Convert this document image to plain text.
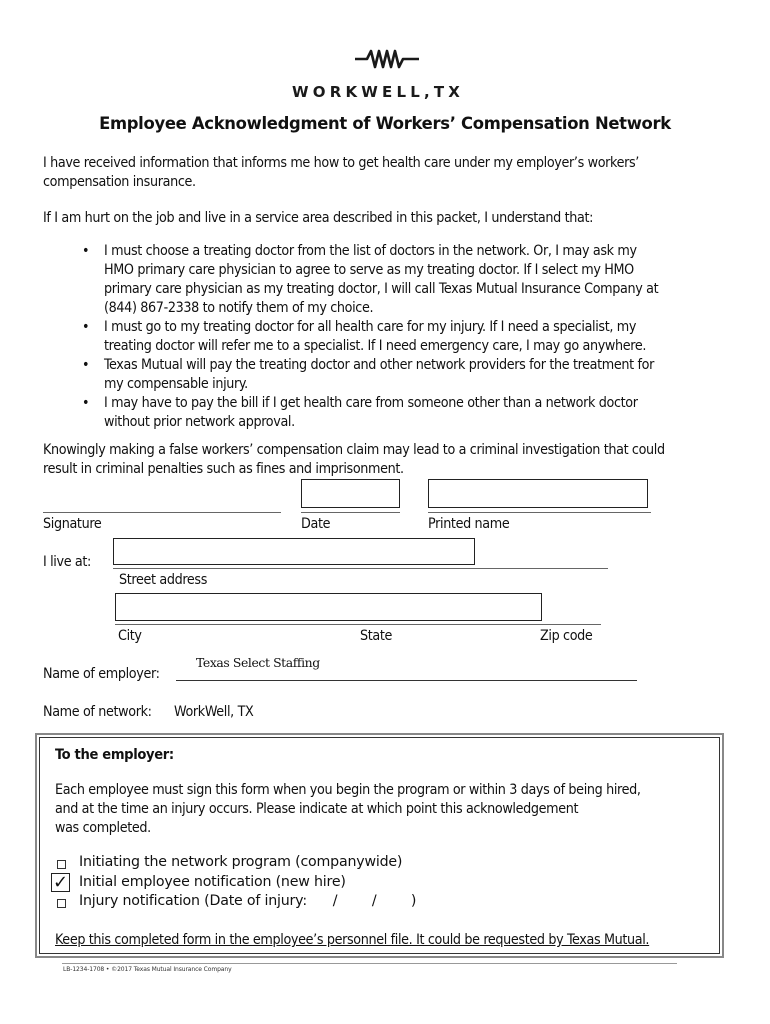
WORKWELL,TX
Employee Acknowledgment of Workers’ Compensation Network
I have received information that informs me how to get health care under my employer’s workers’
compensation insurance.
If I am hurt on the job and live in a service area described in this packet, I understand that:
• I must choose a treating doctor from the list of doctors in the network. Or, I may ask my
HMO primary care physician to agree to serve as my treating doctor. If I select my HMO
primary care physician as my treating doctor, I will call Texas Mutual Insurance Company at
(844) 867-2338 to notify them of my choice.
• I must go to my treating doctor for all health care for my injury. If I need a specialist, my
treating doctor will refer me to a specialist. If I need emergency care, I may go anywhere.
• Texas Mutual will pay the treating doctor and other network providers for the treatment for
my compensable injury.
• I may have to pay the bill if I get health care from someone other than a network doctor
without prior network approval.
Knowingly making a false workers’ compensation claim may lead to a criminal investigation that could
result in criminal penalties such as fines and imprisonment.
Signature	Date	Printed name
I live at:
Street address
City	State	Zip code
Name of employer:
Texas Select Staffing
Name of network: WorkWell, TX
To the employer:
Each employee must sign this form when you begin the program or within 3 days of being hired,
and at the time an injury occurs. Please indicate at which point this acknowledgement
was completed.
Initiating the network program (companywide)
✓ Initial employee notification (new hire)
Injury notification (Date of injury:      /        /        )
Keep this completed form in the employee’s personnel file. It could be requested by Texas Mutual.
LB-1234-1708 • ©2017 Texas Mutual Insurance Company
